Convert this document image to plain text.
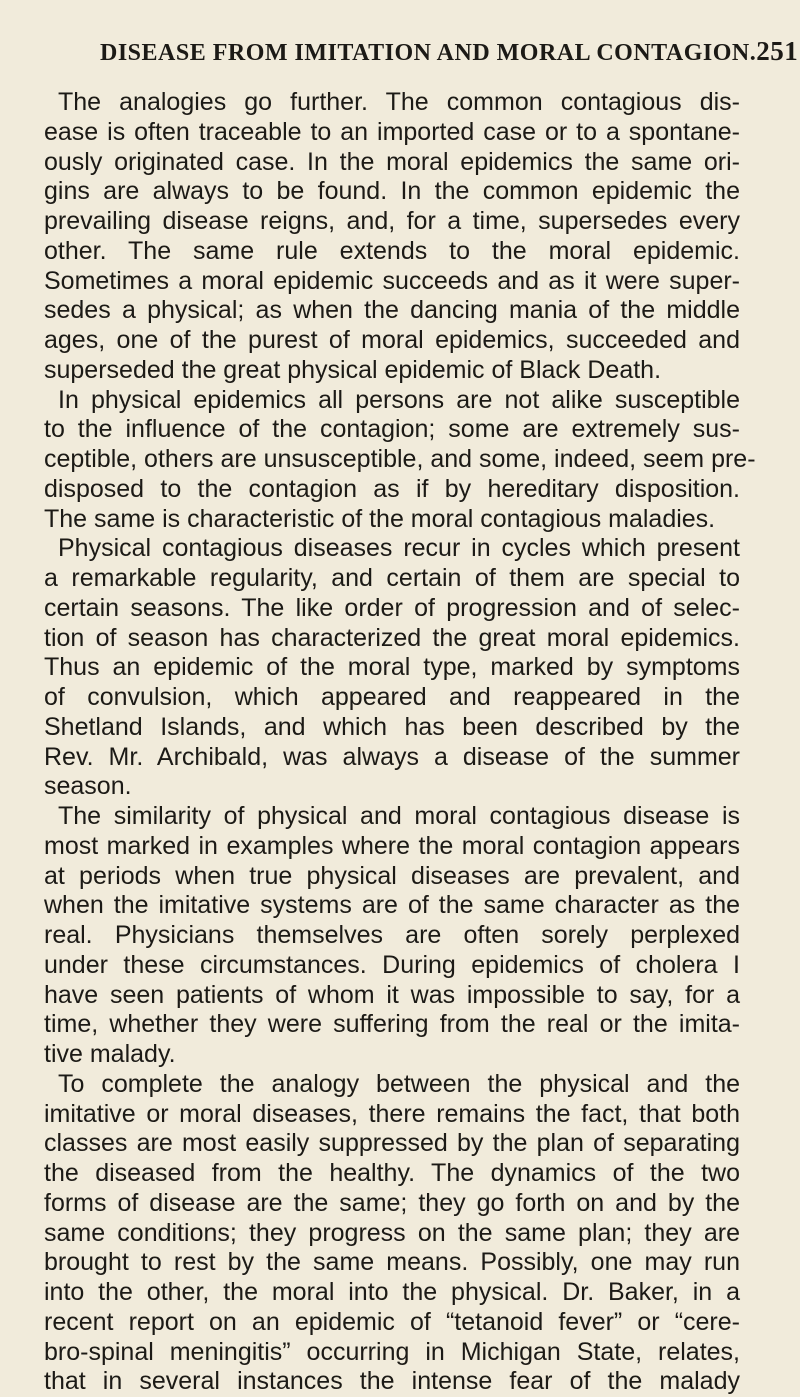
DISEASE FROM IMITATION AND MORAL CONTAGION. 251
The analogies go further. The common contagious dis-
ease is often traceable to an imported case or to a spontane-
ously originated case. In the moral epidemics the same ori-
gins are always to be found. In the common epidemic the
prevailing disease reigns, and, for a time, supersedes every
other. The same rule extends to the moral epidemic.
Sometimes a moral epidemic succeeds and as it were super-
sedes a physical; as when the dancing mania of the middle
ages, one of the purest of moral epidemics, succeeded and
superseded the great physical epidemic of Black Death.
In physical epidemics all persons are not alike susceptible
to the influence of the contagion; some are extremely sus-
ceptible, others are unsusceptible, and some, indeed, seem pre-
disposed to the contagion as if by hereditary disposition.
The same is characteristic of the moral contagious maladies.
Physical contagious diseases recur in cycles which present
a remarkable regularity, and certain of them are special to
certain seasons. The like order of progression and of selec-
tion of season has characterized the great moral epidemics.
Thus an epidemic of the moral type, marked by symptoms
of convulsion, which appeared and reappeared in the
Shetland Islands, and which has been described by the
Rev. Mr. Archibald, was always a disease of the summer
season.
The similarity of physical and moral contagious disease is
most marked in examples where the moral contagion appears
at periods when true physical diseases are prevalent, and
when the imitative systems are of the same character as the
real. Physicians themselves are often sorely perplexed
under these circumstances. During epidemics of cholera I
have seen patients of whom it was impossible to say, for a
time, whether they were suffering from the real or the imita-
tive malady.
To complete the analogy between the physical and the
imitative or moral diseases, there remains the fact, that both
classes are most easily suppressed by the plan of separating
the diseased from the healthy. The dynamics of the two
forms of disease are the same; they go forth on and by the
same conditions; they progress on the same plan; they are
brought to rest by the same means. Possibly, one may run
into the other, the moral into the physical. Dr. Baker, in a
recent report on an epidemic of “tetanoid fever” or “cere-
bro-spinal meningitis” occurring in Michigan State, relates,
that in several instances the intense fear of the malady
